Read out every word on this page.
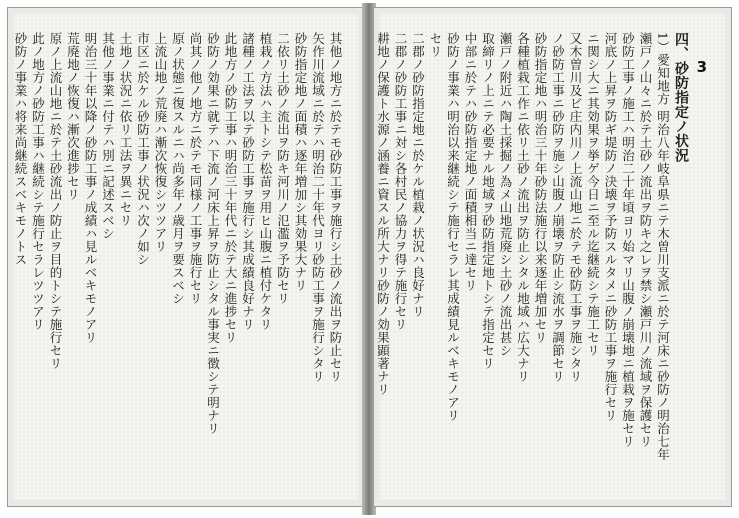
其他ノ地方ニ於テモ砂防工事ヲ施行シ土砂ノ流出ヲ防止セリ
矢作川流域ニ於テハ明治二十年代ヨリ砂防工事ヲ施行シタリ
砂防指定地ノ面積ハ逐年増加シ其効果大ナリ
二依リ土砂ノ流出ヲ防キ河川ノ氾濫ヲ予防セリ
植栽ノ方法ハ主トシテ松苗ヲ用ヒ山腹ニ植付ケタリ
諸種ノ工法ヲ以テ砂防工事ヲ施行シ其成績良好ナリ
此地方ノ砂防工事ハ明治三十年代ニ於テ大ニ進捗セリ
砂防ノ効果ニ就テハ下流ノ河床上昇ヲ防止シタル事実ニ徴シテ明ナリ
尚其ノ他ノ地方ニ於テモ同様ノ工事ヲ施行セリ
原ノ状態ニ復スルニハ尚多年ノ歳月ヲ要スベシ
上流山地ノ荒廃ハ漸次恢復シツツアリ
市区ニ於ケル砂防工事ノ状況ハ次ノ如シ
土地ノ状況ニ依リ工法ヲ異ニセリ
其他ノ事業ニ付テハ別ニ記述スベシ
明治三十年以降ノ砂防工事ノ成績ハ見ルベキモノアリ
荒廃地ノ恢復ハ漸次進捗セリ
原ノ上流山地ニ於テ土砂流出ノ防止ヲ目的トシテ施行セリ
此ノ地方ノ砂防工事ハ継続シテ施行セラレツツアリ
砂防ノ事業ハ将来尚継続スベキモノトス	3
四、砂防指定ノ状況
1）愛知地方 明治八年岐阜県ニテ木曽川支派ニ於テ河床ニ砂防ノ明治七年
瀬戸ノ山々ニ於テ土砂ノ流出ヲ防キ之レヲ禁シ瀬戸川ノ流域ヲ保護セリ
砂防工事ノ施工ハ明治二十年頃ヨリ始マリ山腹ノ崩壊地ニ植栽ヲ施セリ
河底ノ上昇ヲ防ギ堤防ノ決壊ヲ予防スルタメニ砂防工事ヲ施行セリ
ニ関シ大ニ其効果ヲ挙ゲ今日ニ至ル迄継続シテ施工セリ
又木曽川及ビ庄内川ノ上流山地ニ於テモ砂防工事ヲ施シタリ
ノ砂防工事ニ砂防ヲ施シ山腹ノ崩壊ヲ防止シ流水ヲ調節セリ
砂防指定地ハ明治三十年砂防法施行以来逐年増加セリ
各種植栽工作ニ依リ土砂ノ流出ヲ防止シタル地域ハ広大ナリ
瀬戸ノ附近ハ陶土採掘ノ為メ山地荒廃シ土砂ノ流出甚シ
取締リノ上ニテ必要ナル地域ヲ砂防指定地トシテ指定セリ
中部ニ於テハ砂防指定地ノ面積相当ニ達セリ
砂防ノ事業ハ明治以来継続シテ施行セラレ其成績見ルベキモノアリ
セリ
二郡ノ砂防指定地ニ於ケル植栽ノ状況ハ良好ナリ
二郡ノ砂防工事ニ対シ各村民ノ協力ヲ得テ施行セリ
耕地ノ保護ト水源ノ涵養ニ資スル所大ナリ砂防ノ効果顕著ナリ
